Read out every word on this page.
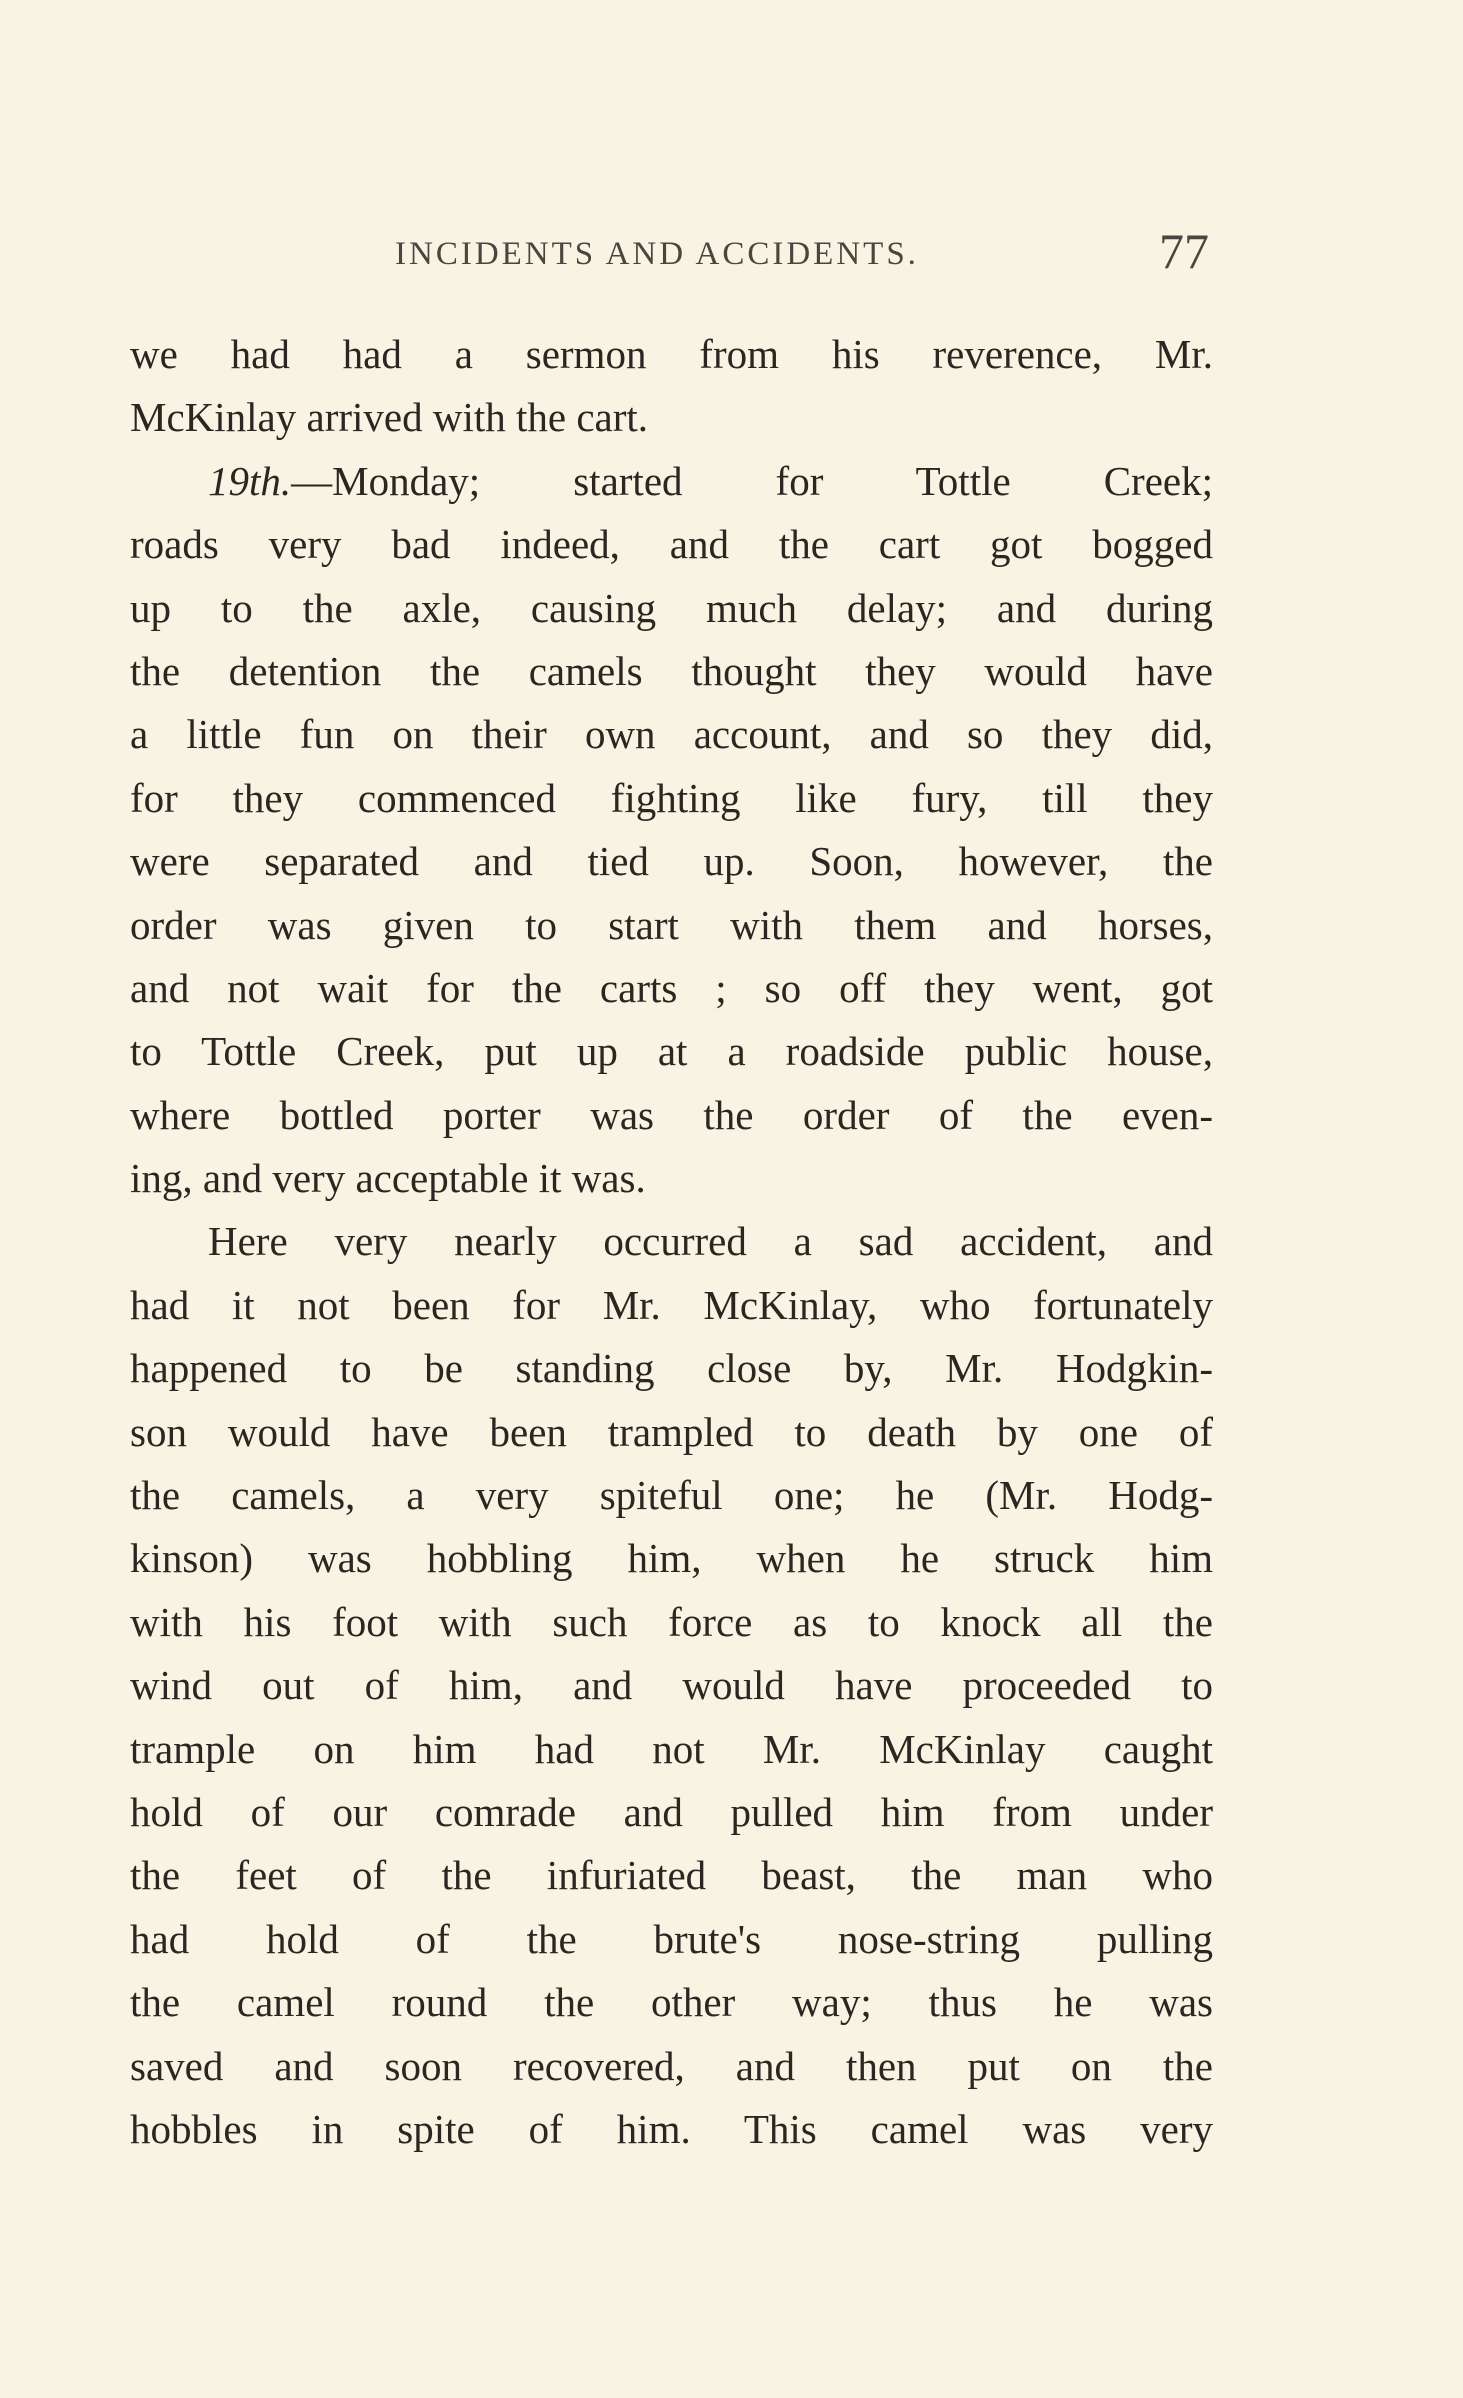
INCIDENTS AND ACCIDENTS.	77
we had had a sermon from his reverence, Mr.
McKinlay arrived with the cart.
19th.—Monday; started for Tottle Creek;
roads very bad indeed, and the cart got bogged
up to the axle, causing much delay; and during
the detention the camels thought they would have
a little fun on their own account, and so they did,
for they commenced fighting like fury, till they
were separated and tied up. Soon, however, the
order was given to start with them and horses,
and not wait for the carts ; so off they went, got
to Tottle Creek, put up at a roadside public house,
where bottled porter was the order of the even-
ing, and very acceptable it was.
Here very nearly occurred a sad accident, and
had it not been for Mr. McKinlay, who fortunately
happened to be standing close by, Mr. Hodgkin-
son would have been trampled to death by one of
the camels, a very spiteful one; he (Mr. Hodg-
kinson) was hobbling him, when he struck him
with his foot with such force as to knock all the
wind out of him, and would have proceeded to
trample on him had not Mr. McKinlay caught
hold of our comrade and pulled him from under
the feet of the infuriated beast, the man who
had hold of the brute's nose-string pulling
the camel round the other way; thus he was
saved and soon recovered, and then put on the
hobbles in spite of him. This camel was very
